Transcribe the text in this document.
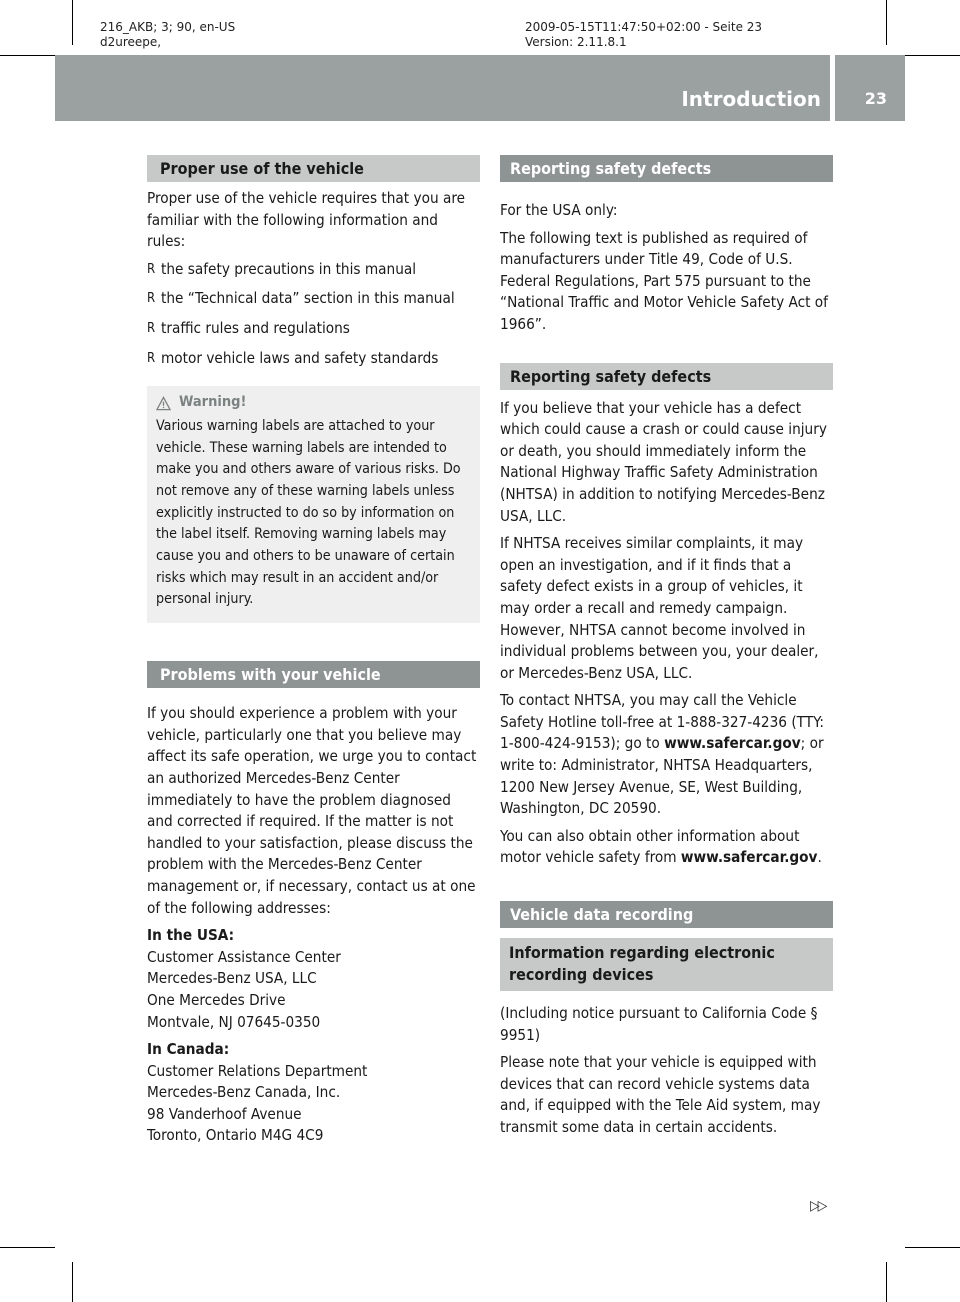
216_AKB; 3; 90, en-US
d2ureepe,
2009-05-15T11:47:50+02:00 - Seite 23
Version: 2.11.8.1
Introduction	23
Proper use of the vehicle

Proper use of the vehicle requires that you are familiar with the following information and rules:

R the safety precautions in this manual
R the “Technical data” section in this manual
R traffic rules and regulations
R motor vehicle laws and safety standards
Warning!
Various warning labels are attached to your vehicle. These warning labels are intended to make you and others aware of various risks. Do not remove any of these warning labels unless explicitly instructed to do so by information on the label itself. Removing warning labels may cause you and others to be unaware of certain risks which may result in an accident and/or personal injury.
Problems with your vehicle

If you should experience a problem with your vehicle, particularly one that you believe may affect its safe operation, we urge you to contact an authorized Mercedes-Benz Center immediately to have the problem diagnosed and corrected if required. If the matter is not handled to your satisfaction, please discuss the problem with the Mercedes-Benz Center management or, if necessary, contact us at one of the following addresses:

In the USA:
Customer Assistance Center
Mercedes-Benz USA, LLC
One Mercedes Drive
Montvale, NJ 07645-0350
In Canada:
Customer Relations Department
Mercedes-Benz Canada, Inc.
98 Vanderhoof Avenue
Toronto, Ontario M4G 4C9
Reporting safety defects

For the USA only:

The following text is published as required of manufacturers under Title 49, Code of U.S. Federal Regulations, Part 575 pursuant to the “National Traffic and Motor Vehicle Safety Act of 1966”.

Reporting safety defects

If you believe that your vehicle has a defect which could cause a crash or could cause injury or death, you should immediately inform the National Highway Traffic Safety Administration (NHTSA) in addition to notifying Mercedes-Benz USA, LLC.

If NHTSA receives similar complaints, it may open an investigation, and if it finds that a safety defect exists in a group of vehicles, it may order a recall and remedy campaign. However, NHTSA cannot become involved in individual problems between you, your dealer, or Mercedes-Benz USA, LLC.

To contact NHTSA, you may call the Vehicle Safety Hotline toll-free at 1-888-327-4236 (TTY: 1-800-424-9153); go to www.safercar.gov; or write to: Administrator, NHTSA Headquarters, 1200 New Jersey Avenue, SE, West Building, Washington, DC 20590.

You can also obtain other information about motor vehicle safety from www.safercar.gov.

Vehicle data recording
Information regarding electronic recording devices

(Including notice pursuant to California Code § 9951)

Please note that your vehicle is equipped with devices that can record vehicle systems data and, if equipped with the Tele Aid system, may transmit some data in certain accidents.

▷▷
